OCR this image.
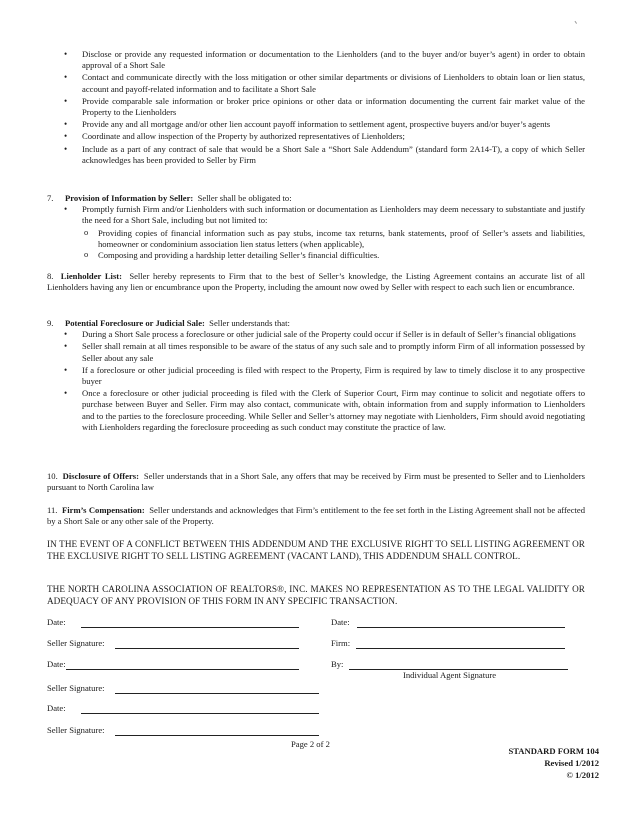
• Disclose or provide any requested information or documentation to the Lienholders (and to the buyer and/or buyer’s agent) in order to obtain approval of a Short Sale
• Contact and communicate directly with the loss mitigation or other similar departments or divisions of Lienholders to obtain loan or lien status, account and payoff-related information and to facilitate a Short Sale
• Provide comparable sale information or broker price opinions or other data or information documenting the current fair market value of the Property to the Lienholders
• Provide any and all mortgage and/or other lien account payoff information to settlement agent, prospective buyers and/or buyer’s agents
• Coordinate and allow inspection of the Property by authorized representatives of Lienholders;
• Include as a part of any contract of sale that would be a Short Sale a “Short Sale Addendum” (standard form 2A14-T), a copy of which Seller acknowledges has been provided to Seller by Firm
7. Provision of Information by Seller: Seller shall be obligated to:
• Promptly furnish Firm and/or Lienholders with such information or documentation as Lienholders may deem necessary to substantiate and justify the need for a Short Sale, including but not limited to:
o Providing copies of financial information such as pay stubs, income tax returns, bank statements, proof of Seller’s assets and liabilities, homeowner or condominium association lien status letters (when applicable),
o Composing and providing a hardship letter detailing Seller’s financial difficulties.
8. Lienholder List: Seller hereby represents to Firm that to the best of Seller’s knowledge, the Listing Agreement contains an accurate list of all Lienholders having any lien or encumbrance upon the Property, including the amount now owed by Seller with respect to each such lien or encumbrance.
9. Potential Foreclosure or Judicial Sale: Seller understands that:
• During a Short Sale process a foreclosure or other judicial sale of the Property could occur if Seller is in default of Seller’s financial obligations
• Seller shall remain at all times responsible to be aware of the status of any such sale and to promptly inform Firm of all information possessed by Seller about any sale
• If a foreclosure or other judicial proceeding is filed with respect to the Property, Firm is required by law to timely disclose it to any prospective buyer
• Once a foreclosure or other judicial proceeding is filed with the Clerk of Superior Court, Firm may continue to solicit and negotiate offers to purchase between Buyer and Seller. Firm may also contact, communicate with, obtain information from and supply information to Lienholders and to the parties to the foreclosure proceeding. While Seller and Seller’s attorney may negotiate with Lienholders, Firm should avoid negotiating with Lienholders regarding the foreclosure proceeding as such conduct may constitute the practice of law.
10. Disclosure of Offers: Seller understands that in a Short Sale, any offers that may be received by Firm must be presented to Seller and to Lienholders pursuant to North Carolina law
11. Firm’s Compensation: Seller understands and acknowledges that Firm’s entitlement to the fee set forth in the Listing Agreement shall not be affected by a Short Sale or any other sale of the Property.
IN THE EVENT OF A CONFLICT BETWEEN THIS ADDENDUM AND THE EXCLUSIVE RIGHT TO SELL LISTING AGREEMENT OR THE EXCLUSIVE RIGHT TO SELL LISTING AGREEMENT (VACANT LAND), THIS ADDENDUM SHALL CONTROL.
THE NORTH CAROLINA ASSOCIATION OF REALTORS®, INC. MAKES NO REPRESENTATION AS TO THE LEGAL VALIDITY OR ADEQUACY OF ANY PROVISION OF THIS FORM IN ANY SPECIFIC TRANSACTION.
Date:
Seller Signature:
Date:
Seller Signature:
Date:
Seller Signature:
Date:
Firm:
By:
Individual Agent Signature
Page 2 of 2
STANDARD FORM 104
Revised 1/2012
© 1/2012
